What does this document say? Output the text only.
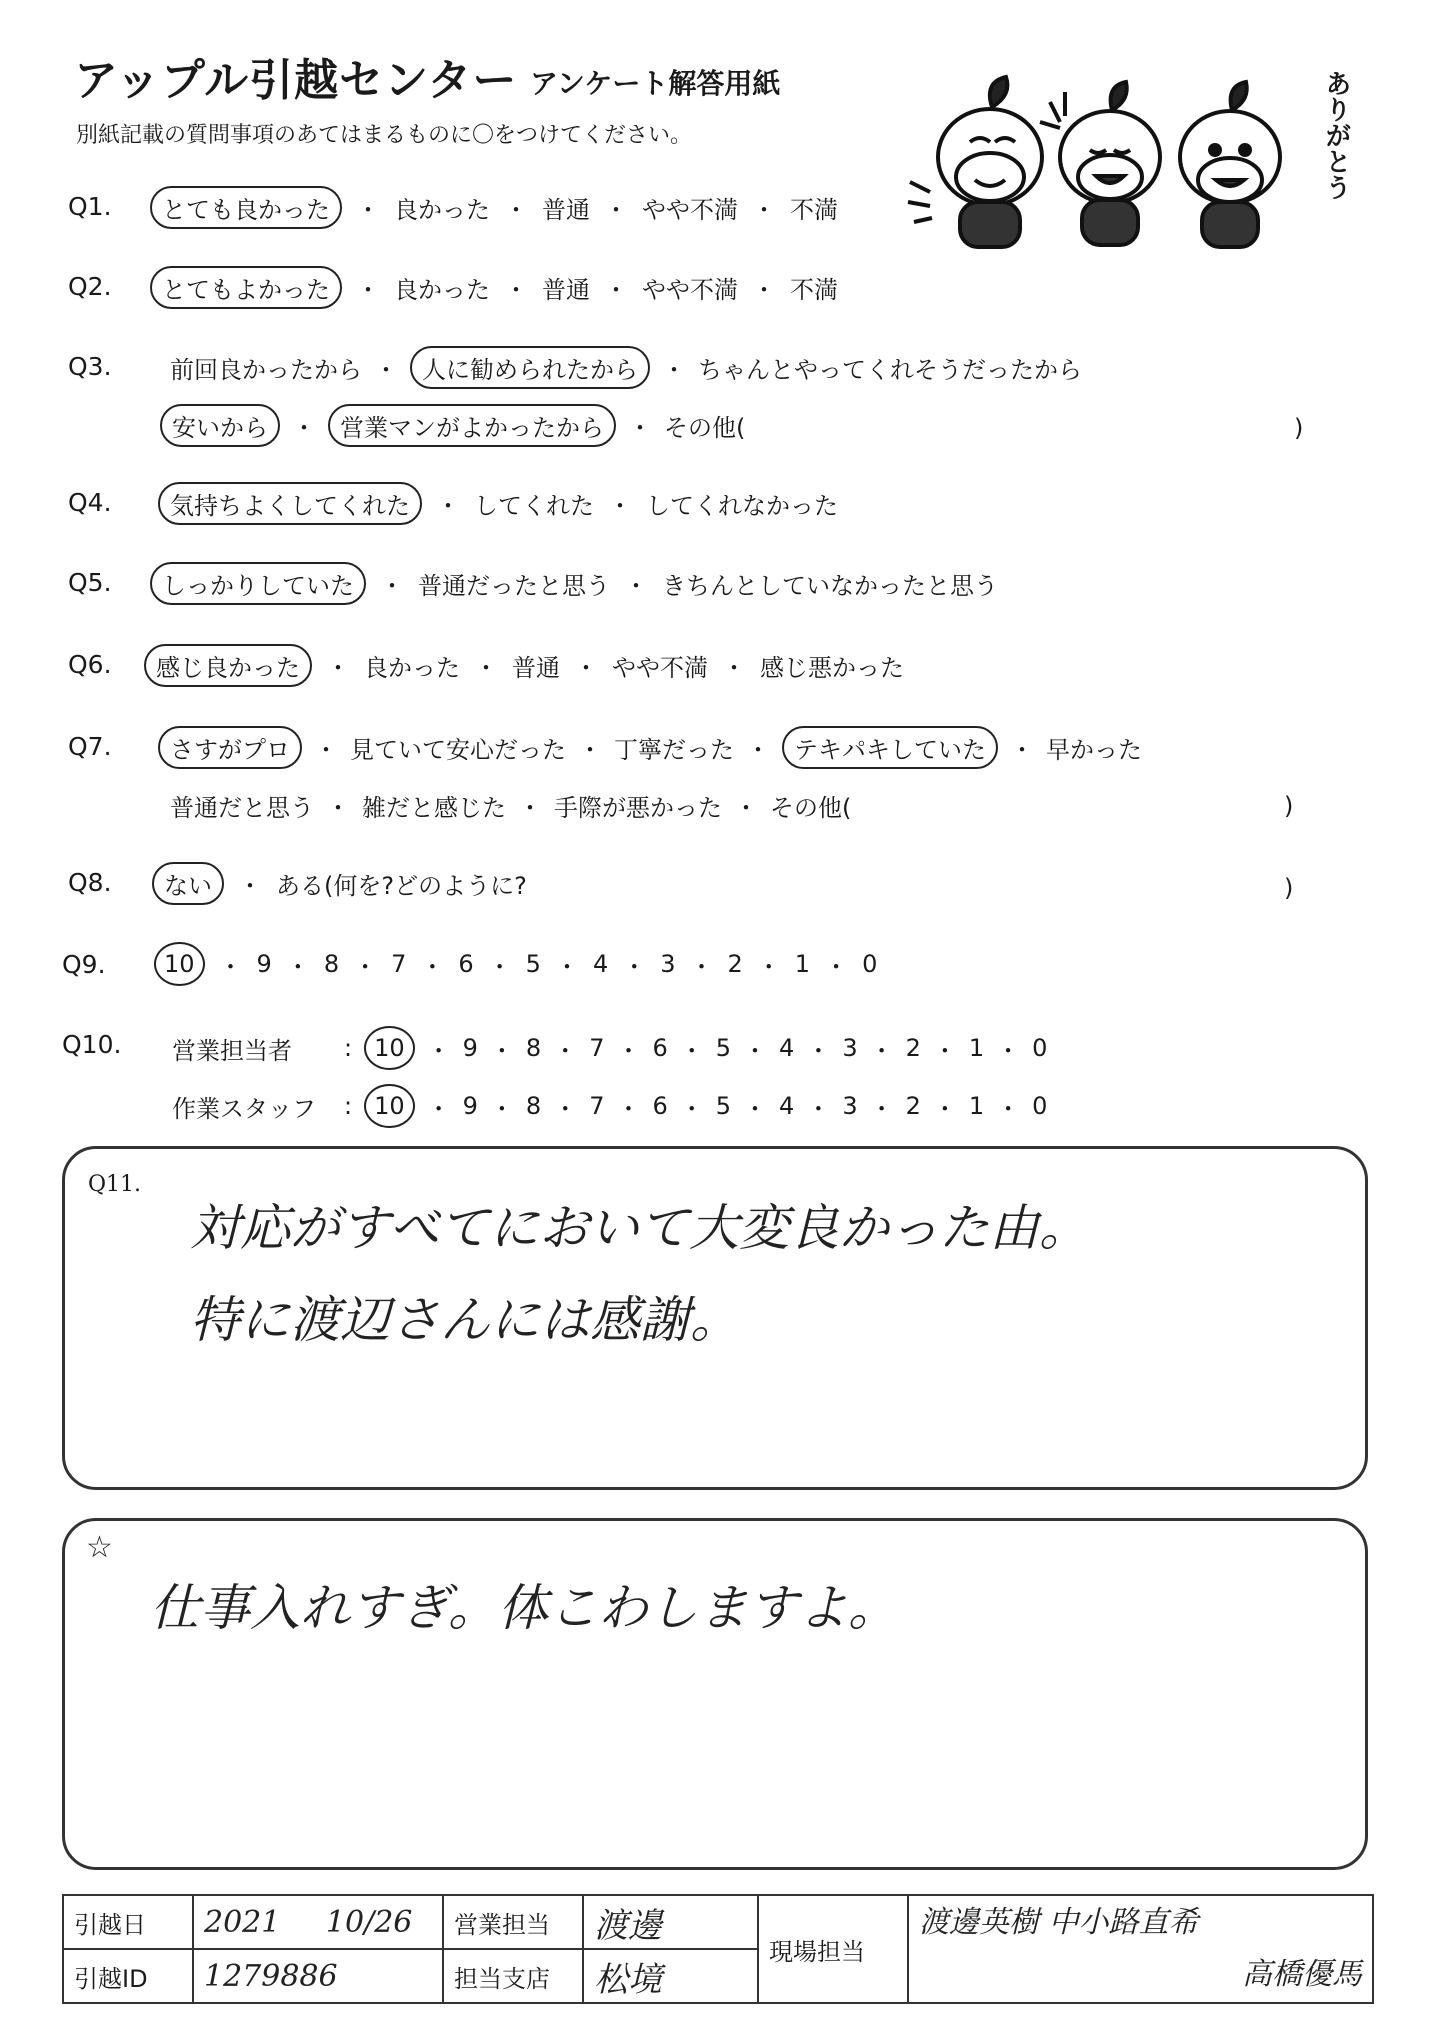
アップル引越センター アンケート解答用紙
別紙記載の質問事項のあてはまるものに〇をつけてください。	ありがとう
Q1.	とても良かった	・ 良かった ・ 普通 ・ やや不満 ・ 不満
Q2.	とてもよかった	・ 良かった ・ 普通 ・ やや不満 ・ 不満
Q3. 前回良かったから ・	人に勧められたから	・ ちゃんとやってくれそうだったから
安いから	・	営業マンがよかったから	・ その他(	)
Q4.	気持ちよくしてくれた	・ してくれた ・ してくれなかった
Q5.	しっかりしていた	・ 普通だったと思う ・ きちんとしていなかったと思う
Q6.	感じ良かった	・ 良かった ・ 普通 ・ やや不満 ・ 感じ悪かった
Q7.	さすがプロ	・ 見ていて安心だった ・ 丁寧だった ・	テキパキしていた	・ 早かった
普通だと思う ・ 雑だと感じた ・ 手際が悪かった ・ その他(	)
Q8.	ない	・ ある(何を?どのように?	)
Q9.	10	・ 9 ・ 8 ・ 7 ・ 6 ・ 5 ・ 4 ・ 3 ・ 2 ・ 1 ・ 0
Q10. 営業担当者	: 10 ・ 9 ・ 8 ・ 7 ・ 6 ・ 5 ・ 4 ・ 3 ・ 2 ・ 1 ・ 0
作業スタッフ	: 10 ・ 9 ・ 8 ・ 7 ・ 6 ・ 5 ・ 4 ・ 3 ・ 2 ・ 1 ・ 0
Q11.
対応がすべてにおいて大変良かった由。
特に渡辺さんには感謝。
☆
仕事入れすぎ。体こわしますよ。
引越日	2021 10/26	営業担当	渡邊	現場担当	渡邊英樹 中小路直希
高橋優馬

引越ID	1279886	担当支店	松境		
